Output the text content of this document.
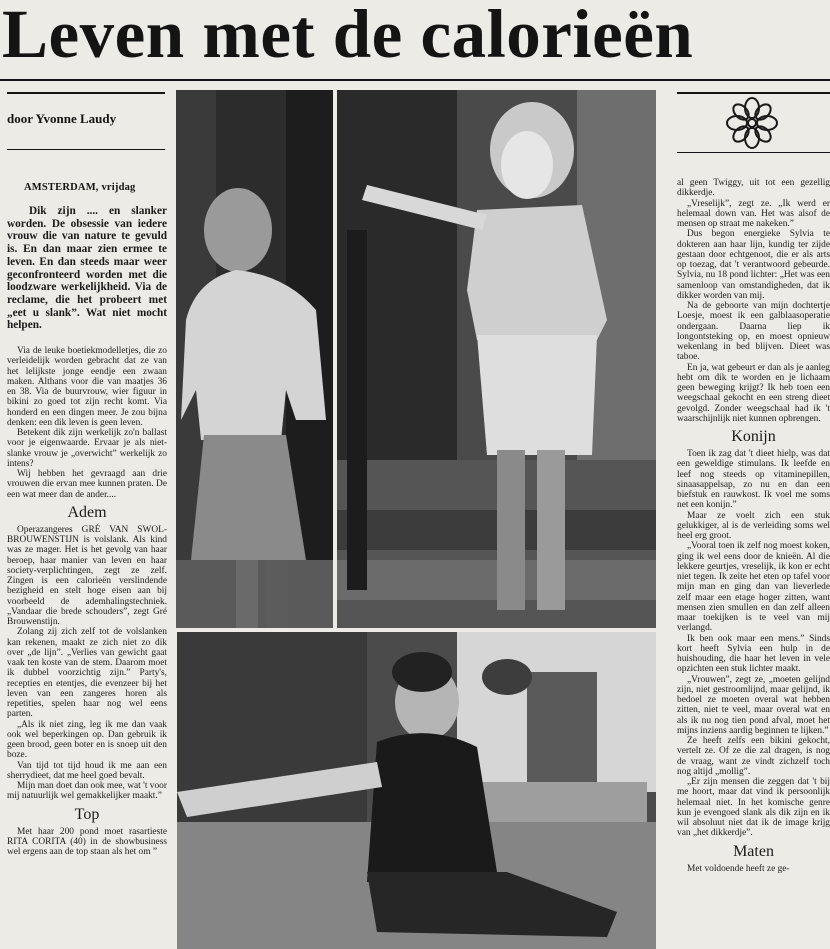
Leven met de calorieën
door Yvonne Laudy
AMSTERDAM, vrijdag

Dik zijn .... en slanker worden. De obsessie van iedere vrouw die van nature te gevuld is. En dan maar zien ermee te leven. En dan steeds maar weer geconfronteerd worden met die loodzware werkelijkheid. Via de reclame, die het probeert met „eet u slank”. Wat niet mocht helpen.

Via de leuke boetiekmodelletjes, die zo verleidelijk worden gebracht dat ze van het lelijkste jonge eendje een zwaan maken. Althans voor die van maatjes 36 en 38. Via de buurvrouw, wier figuur in bikini zo goed tot zijn recht komt. Via honderd en een dingen meer. Je zou bijna denken: een dik leven is geen leven.

Betekent dik zijn werkelijk zo'n ballast voor je eigenwaarde. Ervaar je als niet-slanke vrouw je „overwicht” werkelijk zo intens?

Wij hebben het gevraagd aan drie vrouwen die ervan mee kunnen praten. De een wat meer dan de ander....

Adem

Operazangeres GRÉ VAN SWOL-BROUWENSTIJN is volslank. Als kind was ze mager. Het is het gevolg van haar beroep, haar manier van leven en haar society-verplichtingen, zegt ze zelf. Zingen is een calorieën verslindende bezigheid en stelt hoge eisen aan bij voorbeeld de ademhalingstechniek. „Vandaar die brede schouders”, zegt Gré Brouwenstijn.

Zolang zij zich zelf tot de volslanken kan rekenen, maakt ze zich niet zo dik over „de lijn”. „Verlies van gewicht gaat vaak ten koste van de stem. Daarom moet ik dubbel voorzichtig zijn.” Party's, recepties en etentjes, die evenzeer bij het leven van een zangeres horen als repetities, spelen haar nog wel eens parten.

„Als ik niet zing, leg ik me dan vaak ook wel beperkingen op. Dan gebruik ik geen brood, geen boter en is snoep uit den boze.

Van tijd tot tijd houd ik me aan een sherrydieet, dat me heel goed bevalt.

Mijn man doet dan ook mee, wat 't voor mij natuurlijk wel gemakkelijker maakt.”

Top

Met haar 200 pond moet rasartieste RITA CORITA (40) in de showbusiness wel ergens aan de top staan als het om ”

al geen Twiggy, uit tot een gezellig dikkerdje.

„Vreselijk”, zegt ze. „Ik werd er helemaal down van. Het was alsof de mensen op straat me nakeken.”

Dus begon energieke Sylvia te dokteren aan haar lijn, kundig ter zijde gestaan door echtgenoot, die er als arts op toezag, dat 't verantwoord gebeurde. Sylvia, nu 18 pond lichter: „Het was een samenloop van omstandigheden, dat ik dikker worden van mij.

Na de geboorte van mijn dochtertje Loesje, moest ik een galblaasoperatie ondergaan. Daarna liep ik longontsteking op, en moest opnieuw wekenlang in bed blijven. Dieet was taboe.

En ja, wat gebeurt er dan als je aanleg hebt om dik te worden en je lichaam geen beweging krijgt? Ik heb toen een weegschaal gekocht en een streng dieet gevolgd. Zonder weegschaal had ik 't waarschijnlijk niet kunnen opbrengen.

Konijn

Toen ik zag dat 't dieet hielp, was dat een geweldige stimulans. Ik leefde en leef nog steeds op vitaminepillen, sinaasappelsap, zo nu en dan een biefstuk en rauwkost. Ik voel me soms net een konijn.”

Maar ze voelt zich een stuk gelukkiger, al is de verleiding soms wel heel erg groot.

„Vooral toen ik zelf nog moest koken, ging ik wel eens door de knieën. Al die lekkere geurtjes, vreselijk, ik kon er echt niet tegen. Ik zeite het eten op tafel voor mijn man en ging dan van lieverlede zelf maar een etage hoger zitten, want mensen zien smullen en dan zelf alleen maar toekijken is te veel van mij verlangd.

Ik ben ook maar een mens.” Sinds kort heeft Sylvia een hulp in de huishouding, die haar het leven in vele opzichten een stuk lichter maakt.

„Vrouwen”, zegt ze, „moeten gelijnd zijn, niet gestroomlijnd, maar gelijnd, ik bedoel ze moeten overal wat hebben zitten, niet te veel, maar overal wat en als ik nu nog tien pond afval, moet het mijns inziens aardig beginnen te lijken.”

Ze heeft zelfs een bikini gekocht, vertelt ze. Of ze die zal dragen, is nog de vraag, want ze vindt zichzelf toch nog altijd „mollig”.

„Er zijn mensen die zeggen dat 't bij me hoort, maar dat vind ik persoonlijk helemaal niet. In het komische genre kun je evengoed slank als dik zijn en ik wil absoluut niet dat ik de image krijg van „het dikkerdje”.

Maten

Met voldoende heeft ze ge-
